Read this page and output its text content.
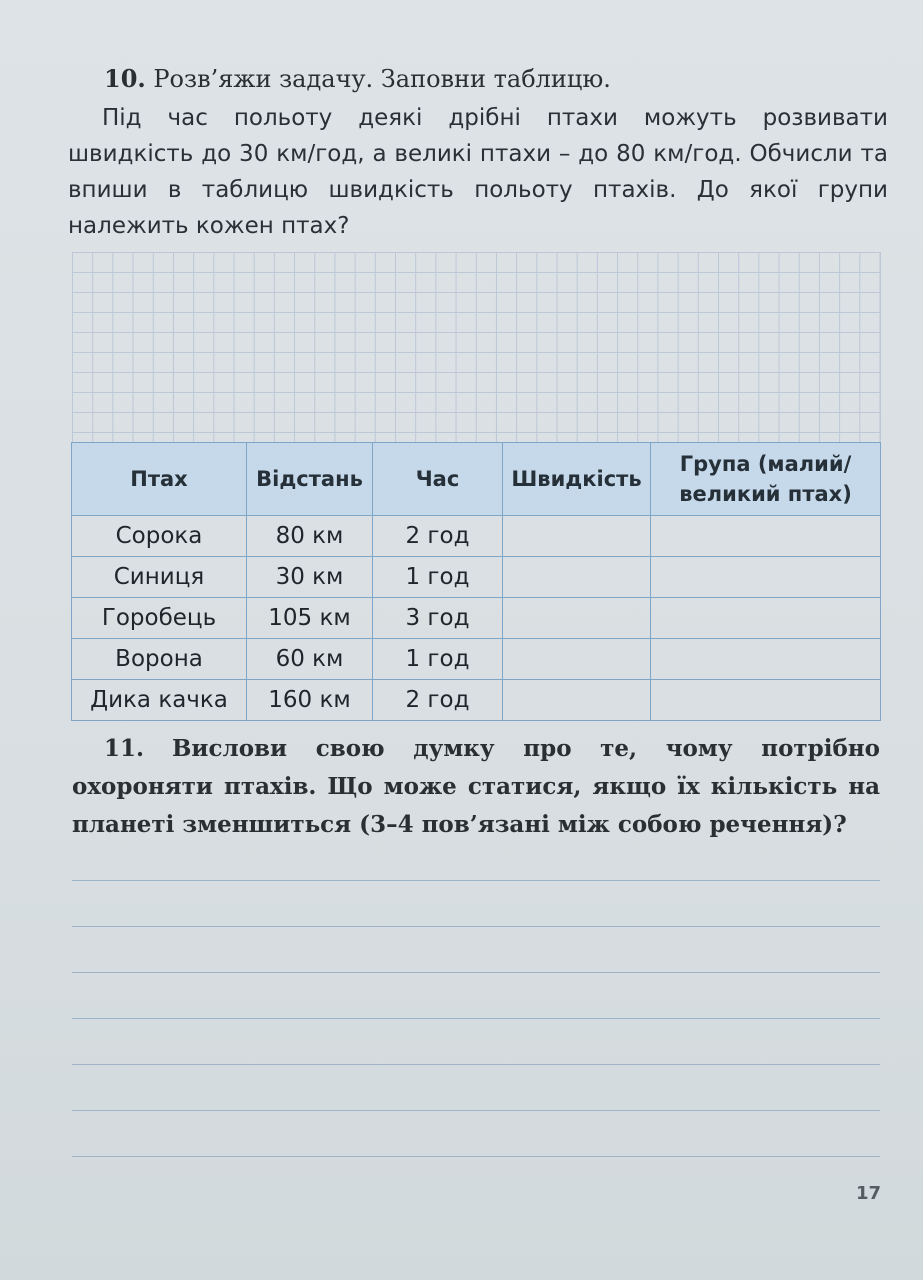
10. Розв’яжи задачу. Заповни таблицю.
Під час польоту деякі дрібні птахи можуть розвивати швидкість до 30 км/год, а великі птахи – до 80 км/год. Обчисли та впиши в таблицю швидкість польоту птахів. До якої групи належить кожен птах?
Птах	Відстань	Час	Швидкість	Група (малий/ великий птах)
Сорока	80 км	2 год		
Синиця	30 км	1 год		
Горобець	105 км	3 год		
Ворона	60 км	1 год		
Дика качка	160 км	2 год		
11. Вислови свою думку про те, чому потрібно охороняти птахів. Що може статися, якщо їх кількість на планеті зменшиться (3–4 пов’язані між собою речення)?
17
